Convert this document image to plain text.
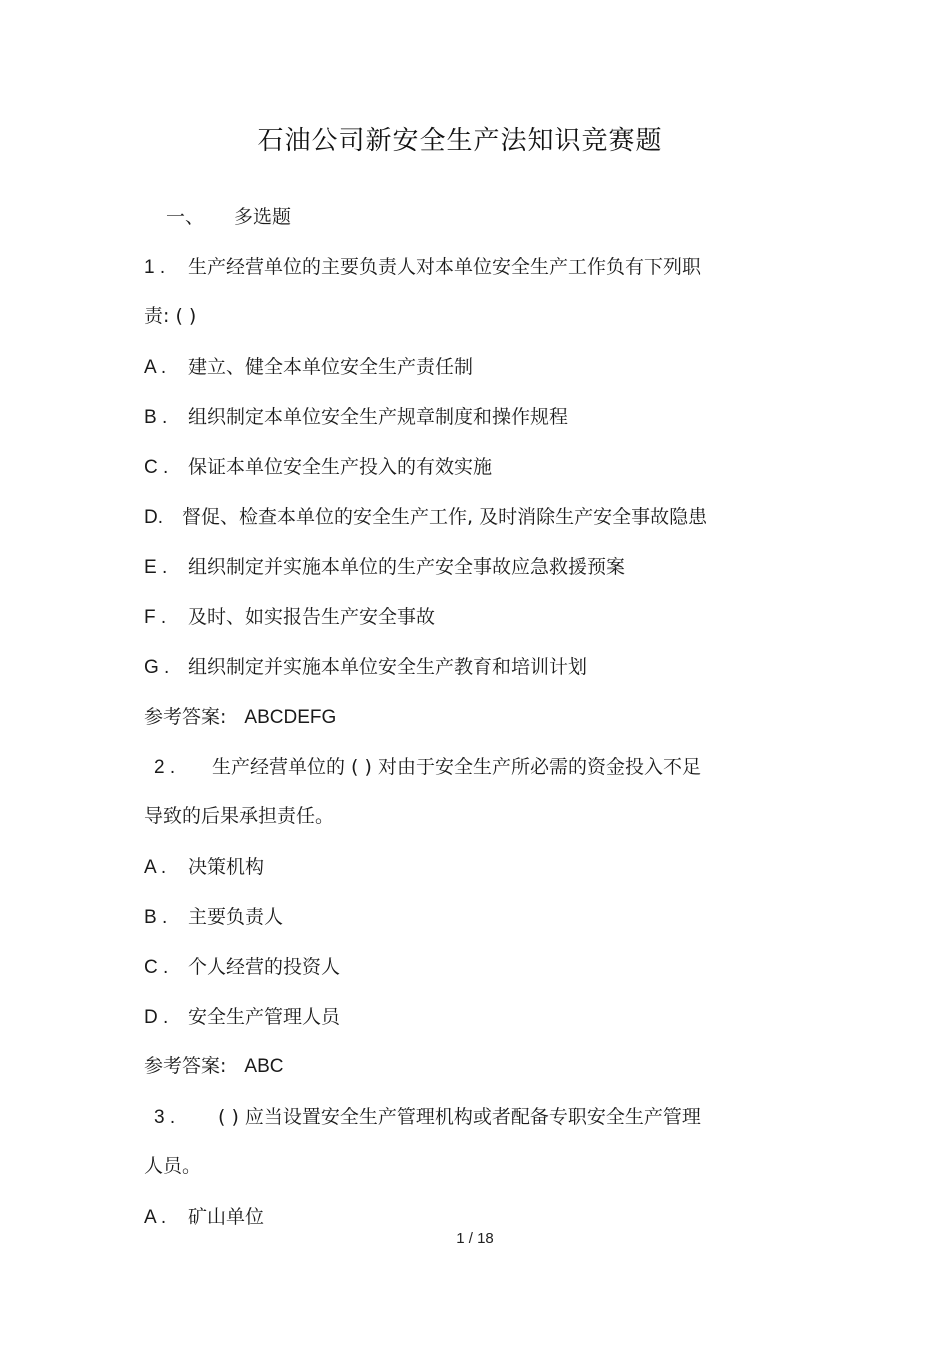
石油公司新安全生产法知识竞赛题
一、 多选题
1 . 生产经营单位的主要负责人对本单位安全生产工作负有下列职
责: ( )
A . 建立、健全本单位安全生产责任制
B . 组织制定本单位安全生产规章制度和操作规程
C . 保证本单位安全生产投入的有效实施
D. 督促、检查本单位的安全生产工作, 及时消除生产安全事故隐患
E . 组织制定并实施本单位的生产安全事故应急救援预案
F . 及时、如实报告生产安全事故
G . 组织制定并实施本单位安全生产教育和培训计划
参考答案: ABCDEFG
2 . 生产经营单位的 ( ) 对由于安全生产所必需的资金投入不足
导致的后果承担责任。
A . 决策机构
B . 主要负责人
C . 个人经营的投资人
D . 安全生产管理人员
参考答案: ABC
3 . ( ) 应当设置安全生产管理机构或者配备专职安全生产管理
人员。
A . 矿山单位
1 / 18
